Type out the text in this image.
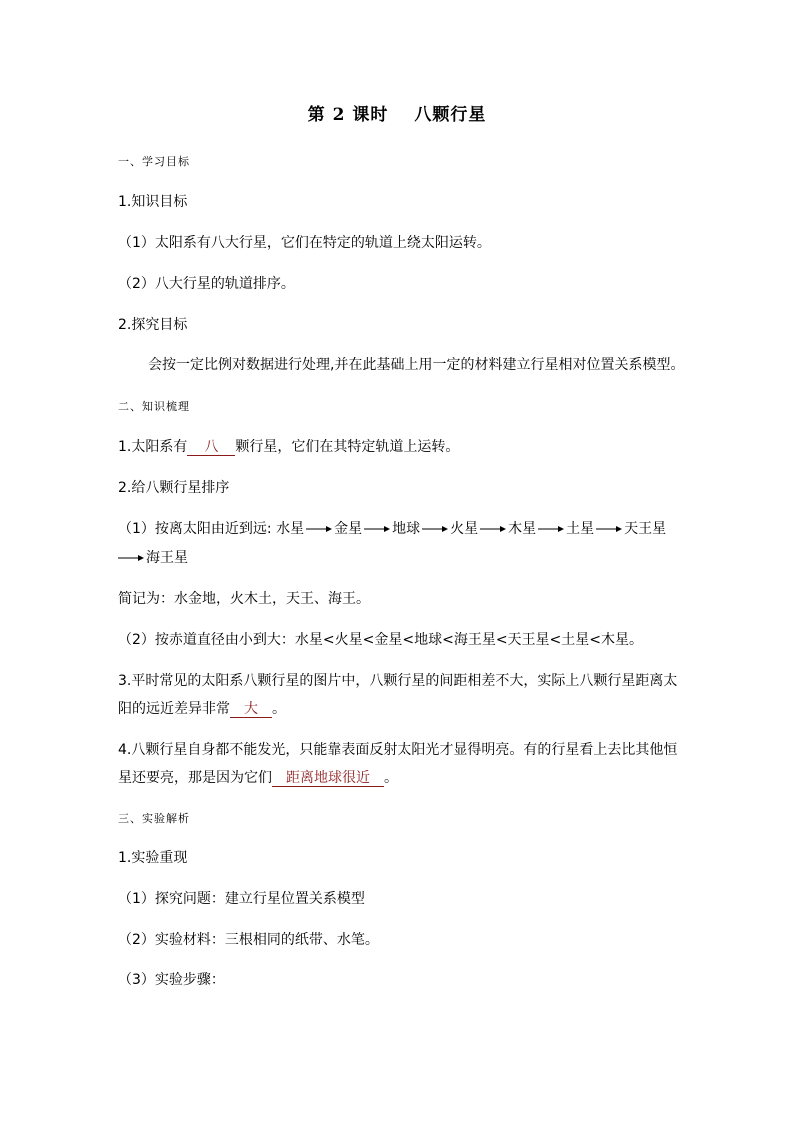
第 2 课时 八颗行星
一、学习目标
1.知识目标
（1）太阳系有八大行星，它们在特定的轨道上绕太阳运转。
（2）八大行星的轨道排序。
2.探究目标
会按一定比例对数据进行处理,并在此基础上用一定的材料建立行星相对位置关系模型。
二、知识梳理
1.太阳系有 八 颗行星，它们在其特定轨道上运转。
2.给八颗行星排序
（1）按离太阳由近到远: 水星 金星 地球 火星 木星 土星 天王星
海王星
简记为：水金地，火木土，天王、海王。
（2）按赤道直径由小到大：水星<火星<金星<地球<海王星<天王星<土星<木星。
3.平时常见的太阳系八颗行星的图片中，八颗行星的间距相差不大，实际上八颗行星距离太
阳的远近差异非常 大 。
4.八颗行星自身都不能发光，只能靠表面反射太阳光才显得明亮。有的行星看上去比其他恒
星还要亮，那是因为它们 距离地球很近 。
三、实验解析
1.实验重现
（1）探究问题：建立行星位置关系模型
（2）实验材料：三根相同的纸带、水笔。
（3）实验步骤：
